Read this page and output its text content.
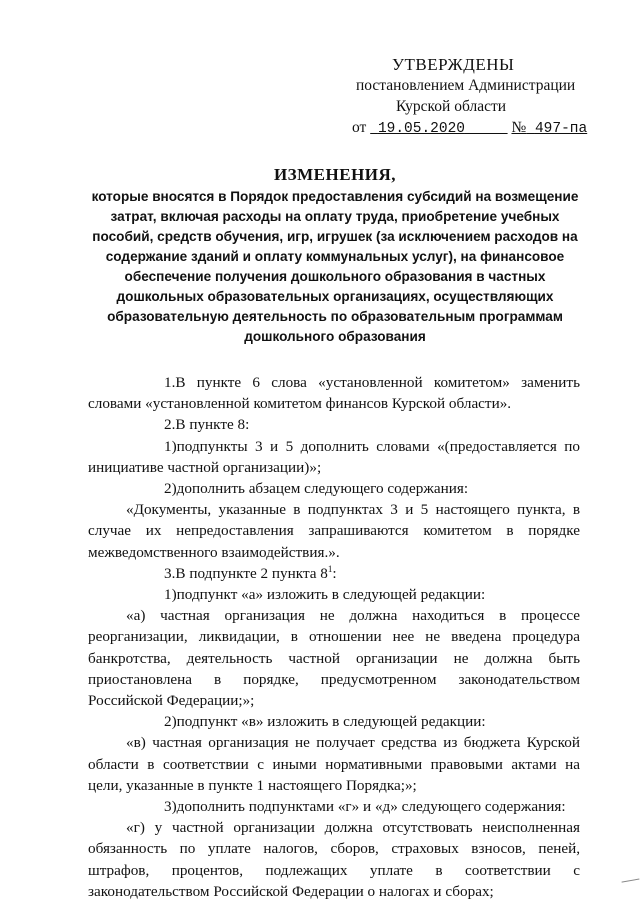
УТВЕРЖДЕНЫ
постановлением Администрации
Курской области
от 19.05.2020	№ 497-па
ИЗМЕНЕНИЯ,
которые вносятся в Порядок предоставления субсидий на возмещение затрат, включая расходы на оплату труда, приобретение учебных пособий, средств обучения, игр, игрушек (за исключением расходов на содержание зданий и оплату коммунальных услуг), на финансовое обеспечение получения дошкольного образования в частных дошкольных образовательных организациях, осуществляющих образовательную деятельность по образовательным программам дошкольного образования

1.В пункте 6 слова «установленной комитетом» заменить словами «установленной комитетом финансов Курской области».

2.В пункте 8:

1)подпункты 3 и 5 дополнить словами «(предоставляется по инициативе частной организации)»;

2)дополнить абзацем следующего содержания:

«Документы, указанные в подпунктах 3 и 5 настоящего пункта, в случае их непредоставления запрашиваются комитетом в порядке межведомственного взаимодействия.».

3.В подпункте 2 пункта $8^1$:

1)подпункт «а» изложить в следующей редакции:

«а) частная организация не должна находиться в процессе реорганизации, ликвидации, в отношении нее не введена процедура банкротства, деятельность частной организации не должна быть приостановлена в порядке, предусмотренном законодательством Российской Федерации;»;

2)подпункт «в» изложить в следующей редакции:

«в) частная организация не получает средства из бюджета Курской области в соответствии с иными нормативными правовыми актами на цели, указанные в пункте 1 настоящего Порядка;»;

3)дополнить подпунктами «г» и «д» следующего содержания:

«г) у частной организации должна отсутствовать неисполненная обязанность по уплате налогов, сборов, страховых взносов, пеней, штрафов, процентов, подлежащих уплате в соответствии с законодательством Российской Федерации о налогах и сборах;
